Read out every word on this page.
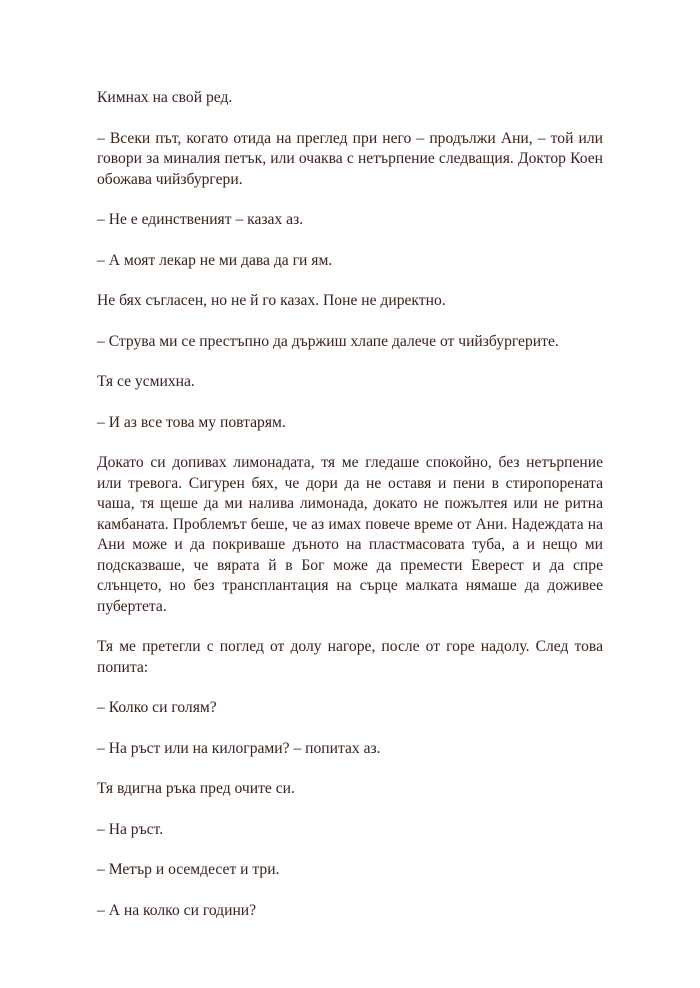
Кимнах на свой ред.

– Всеки път, когато отида на преглед при него – продължи Ани, – той или говори за миналия петък, или очаква с нетърпение следващия. Доктор Коен обожава чийзбургери.

– Не е единственият – казах аз.

– А моят лекар не ми дава да ги ям.

Не бях съгласен, но не й го казах. Поне не директно.

– Струва ми се престъпно да държиш хлапе далече от чийзбургерите.

Тя се усмихна.

– И аз все това му повтарям.

Докато си допивах лимонадата, тя ме гледаше спокойно, без нетърпение или тревога. Сигурен бях, че дори да не оставя и пени в стиропорената чаша, тя щеше да ми налива лимонада, докато не пожълтея или не ритна камбаната. Проблемът беше, че аз имах повече време от Ани. Надеждата на Ани може и да покриваше дъното на пластмасовата туба, а и нещо ми подсказваше, че вярата й в Бог може да премести Еверест и да спре слънцето, но без трансплантация на сърце малката нямаше да доживее пубертета.

Тя ме претегли с поглед от долу нагоре, после от горе надолу. След това попита:

– Колко си голям?

– На ръст или на килограми? – попитах аз.

Тя вдигна ръка пред очите си.

– На ръст.

– Метър и осемдесет и три.

– А на колко си години?
